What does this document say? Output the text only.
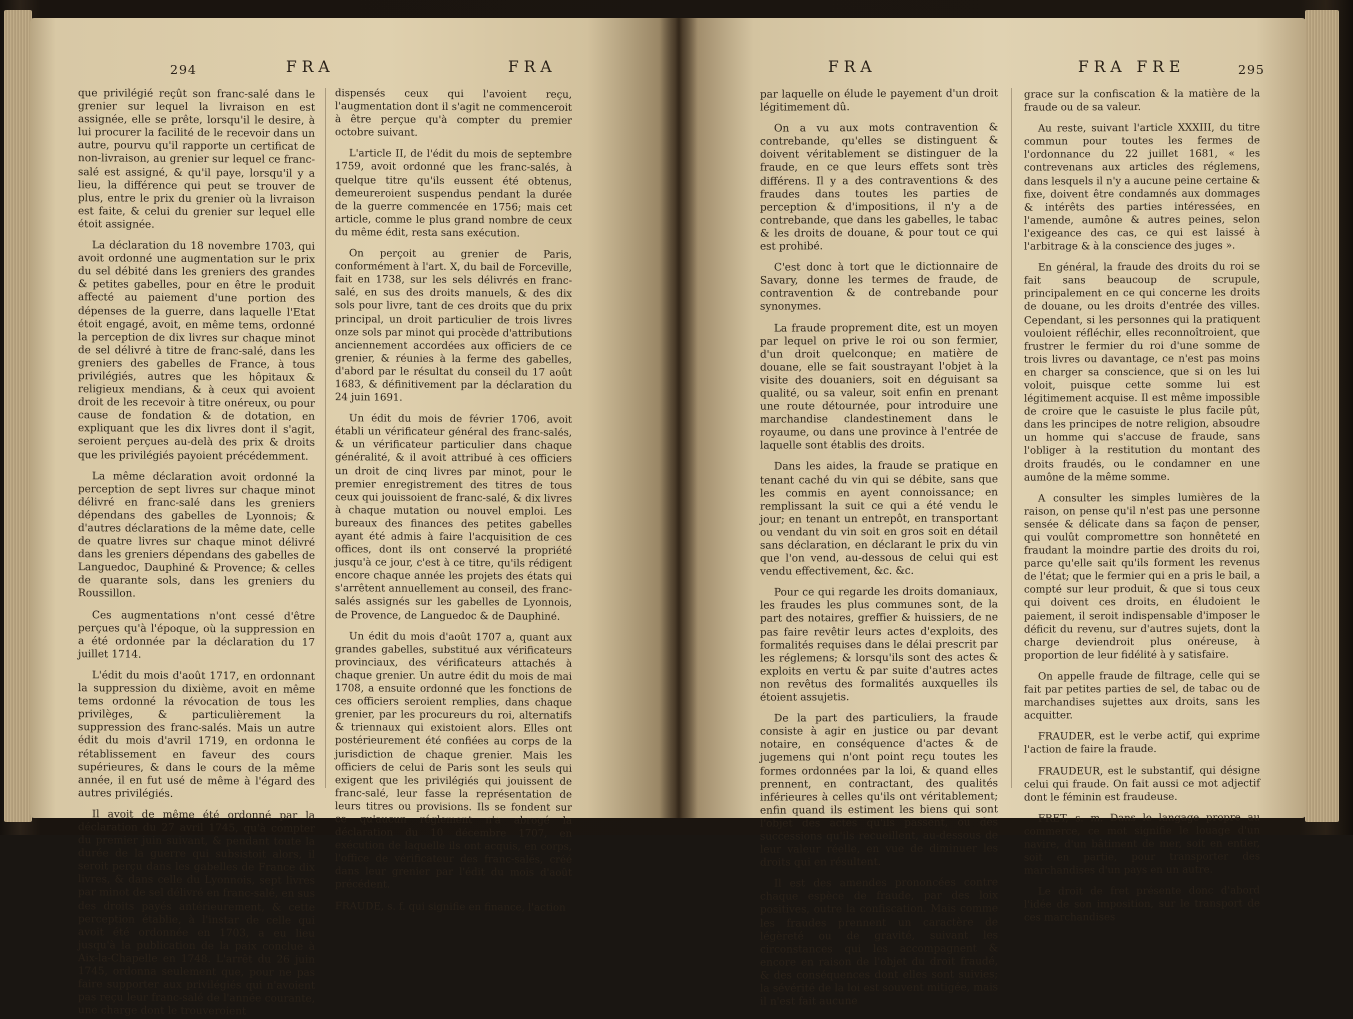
294	FRA	FRA

que privilégié reçût son franc-salé dans le grenier sur lequel la livraison en est assignée, elle se prête, lorsqu'il le desire, à lui procurer la facilité de le recevoir dans un autre, pourvu qu'il rapporte un certificat de non-livraison, au grenier sur lequel ce franc-salé est assigné, & qu'il paye, lorsqu'il y a lieu, la différence qui peut se trouver de plus, entre le prix du grenier où la livraison est faite, & celui du grenier sur lequel elle étoit assignée.

La déclaration du 18 novembre 1703, qui avoit ordonné une augmentation sur le prix du sel débité dans les greniers des grandes & petites gabelles, pour en être le produit affecté au paiement d'une portion des dépenses de la guerre, dans laquelle l'Etat étoit engagé, avoit, en même tems, ordonné la perception de dix livres sur chaque minot de sel délivré à titre de franc-salé, dans les greniers des gabelles de France, à tous privilégiés, autres que les hôpitaux & religieux mendians, & à ceux qui avoient droit de les recevoir à titre onéreux, ou pour cause de fondation & de dotation, en expliquant que les dix livres dont il s'agit, seroient perçues au-delà des prix & droits que les privilégiés payoient précédemment.

La même déclaration avoit ordonné la perception de sept livres sur chaque minot délivré en franc-salé dans les greniers dépendans des gabelles de Lyonnois; & d'autres déclarations de la même date, celle de quatre livres sur chaque minot délivré dans les greniers dépendans des gabelles de Languedoc, Dauphiné & Provence; & celles de quarante sols, dans les greniers du Roussillon.

Ces augmentations n'ont cessé d'être perçues qu'à l'époque, où la suppression en a été ordonnée par la déclaration du 17 juillet 1714.

L'édit du mois d'août 1717, en ordonnant la suppression du dixième, avoit en même tems ordonné la révocation de tous les privilèges, & particulièrement la suppression des franc-salés. Mais un autre édit du mois d'avril 1719, en ordonna le rétablissement en faveur des cours supérieures, & dans le cours de la même année, il en fut usé de même à l'égard des autres privilégiés.

Il avoit de même été ordonné par la déclaration du 27 avril 1745, qu'à compter du premier juin suivant, & pendant toute la durée de la guerre qui subsistoit alors, il seroit perçu dans les gabelles de France dix livres, & dans celle du Lyonnois, sept livres par minot de sel délivré en franc-salé, en sus des droits payés antérieurement, & cette perception établie, à l'instar de celle qui avoit été ordonnée en 1703, a eu lieu jusqu'à la publication de la paix conclue à Aix-la-Chapelle en 1748. L'arrêt du 26 juin 1745, ordonna seulement que, pour ne pas faire supporter aux privilégiés qui n'avoient pas reçu leur franc-salé de l'année courante, une charge dont le trouveroient

dispensés ceux qui l'avoient reçu, l'augmentation dont il s'agit ne commenceroit à être perçue qu'à compter du premier octobre suivant.

L'article II, de l'édit du mois de septembre 1759, avoit ordonné que les franc-salés, à quelque titre qu'ils eussent été obtenus, demeureroient suspendus pendant la durée de la guerre commencée en 1756; mais cet article, comme le plus grand nombre de ceux du même édit, resta sans exécution.

On perçoit au grenier de Paris, conformément à l'art. X, du bail de Forceville, fait en 1738, sur les sels délivrés en franc-salé, en sus des droits manuels, & des dix sols pour livre, tant de ces droits que du prix principal, un droit particulier de trois livres onze sols par minot qui procède d'attributions anciennement accordées aux officiers de ce grenier, & réunies à la ferme des gabelles, d'abord par le résultat du conseil du 17 août 1683, & définitivement par la déclaration du 24 juin 1691.

Un édit du mois de février 1706, avoit établi un vérificateur général des franc-salés, & un vérificateur particulier dans chaque généralité, & il avoit attribué à ces officiers un droit de cinq livres par minot, pour le premier enregistrement des titres de tous ceux qui jouissoient de franc-salé, & dix livres à chaque mutation ou nouvel emploi. Les bureaux des finances des petites gabelles ayant été admis à faire l'acquisition de ces offices, dont ils ont conservé la propriété jusqu'à ce jour, c'est à ce titre, qu'ils rédigent encore chaque année les projets des états qui s'arrêtent annuellement au conseil, des franc-salés assignés sur les gabelles de Lyonnois, de Provence, de Languedoc & de Dauphiné.

Un édit du mois d'août 1707 a, quant aux grandes gabelles, substitué aux vérificateurs provinciaux, des vérificateurs attachés à chaque grenier. Un autre édit du mois de mai 1708, a ensuite ordonné que les fonctions de ces officiers seroient remplies, dans chaque grenier, par les procureurs du roi, alternatifs & triennaux qui existoient alors. Elles ont postérieurement été confiées au corps de la jurisdiction de chaque grenier. Mais les officiers de celui de Paris sont les seuls qui exigent que les privilégiés qui jouissent de franc-salé, leur fasse la représentation de leurs titres ou provisions. Ils se fondent sur ce qu'aucun réglement n'a abrogé la déclaration du 10 décembre 1707, en exécution de laquelle ils ont acquis, en corps, l'office de vérificateur des franc-salés, créé dans leur grenier par l'édit du mois d'août précédent.

FRAUDE, s. f. qui signifie en finance, l'action

FRA	FRA FRE	295

par laquelle on élude le payement d'un droit légitimement dû.

On a vu aux mots contravention & contrebande, qu'elles se distinguent & doivent véritablement se distinguer de la fraude, en ce que leurs effets sont très différens. Il y a des contraventions & des fraudes dans toutes les parties de perception & d'impositions, il n'y a de contrebande, que dans les gabelles, le tabac & les droits de douane, & pour tout ce qui est prohibé.

C'est donc à tort que le dictionnaire de Savary, donne les termes de fraude, de contravention & de contrebande pour synonymes.

La fraude proprement dite, est un moyen par lequel on prive le roi ou son fermier, d'un droit quelconque; en matière de douane, elle se fait soustrayant l'objet à la visite des douaniers, soit en déguisant sa qualité, ou sa valeur, soit enfin en prenant une route détournée, pour introduire une marchandise clandestinement dans le royaume, ou dans une province à l'entrée de laquelle sont établis des droits.

Dans les aides, la fraude se pratique en tenant caché du vin qui se débite, sans que les commis en ayent connoissance; en remplissant la suit ce qui a été vendu le jour; en tenant un entrepôt, en transportant ou vendant du vin soit en gros soit en détail sans déclaration, en déclarant le prix du vin que l'on vend, au-dessous de celui qui est vendu effectivement, &c. &c.

Pour ce qui regarde les droits domaniaux, les fraudes les plus communes sont, de la part des notaires, greffier & huissiers, de ne pas faire revêtir leurs actes d'exploits, des formalités requises dans le délai prescrit par les réglemens; & lorsqu'ils sont des actes & exploits en vertu & par suite d'autres actes non revêtus des formalités auxquelles ils étoient assujetis.

De la part des particuliers, la fraude consiste à agir en justice ou par devant notaire, en conséquence d'actes & de jugemens qui n'ont point reçu toutes les formes ordonnées par la loi, & quand elles prennent, en contractant, des qualités inférieures à celles qu'ils ont véritablement; enfin quand ils estiment les biens qui sont l'objet des actes qu'ils passent, ou des successions qu'ils recueillent, au-dessous de leur valeur réelle, en vue de diminuer les droits qui en résultent.

Il est des amendes prononcées contre chaque espèce de fraude, par des loix positives, outre la confiscation. Mais comme les fraudes prennent un caractère de légèreté ou de gravité, suivant les circonstances qui les accompagnent & encore en raison de l'objet du droit fraudé, & des conséquences dont elles sont suivies; la sévérité de la loi est souvent mitigée, mais il n'est fait aucune

grace sur la confiscation & la matière de la fraude ou de sa valeur.

Au reste, suivant l'article XXXIII, du titre commun pour toutes les fermes de l'ordonnance du 22 juillet 1681, « les contrevenans aux articles des réglemens, dans lesquels il n'y a aucune peine certaine & fixe, doivent être condamnés aux dommages & intérêts des parties intéressées, en l'amende, aumône & autres peines, selon l'exigeance des cas, ce qui est laissé à l'arbitrage & à la conscience des juges ».

En général, la fraude des droits du roi se fait sans beaucoup de scrupule, principalement en ce qui concerne les droits de douane, ou les droits d'entrée des villes. Cependant, si les personnes qui la pratiquent vouloient réfléchir, elles reconnoîtroient, que frustrer le fermier du roi d'une somme de trois livres ou davantage, ce n'est pas moins en charger sa conscience, que si on les lui voloit, puisque cette somme lui est légitimement acquise. Il est même impossible de croire que le casuiste le plus facile pût, dans les principes de notre religion, absoudre un homme qui s'accuse de fraude, sans l'obliger à la restitution du montant des droits fraudés, ou le condamner en une aumône de la même somme.

A consulter les simples lumières de la raison, on pense qu'il n'est pas une personne sensée & délicate dans sa façon de penser, qui voulût compromettre son honnêteté en fraudant la moindre partie des droits du roi, parce qu'elle sait qu'ils forment les revenus de l'état; que le fermier qui en a pris le bail, a compté sur leur produit, & que si tous ceux qui doivent ces droits, en éludoient le paiement, il seroit indispensable d'imposer le déficit du revenu, sur d'autres sujets, dont la charge deviendroit plus onéreuse, à proportion de leur fidélité à y satisfaire.

On appelle fraude de filtrage, celle qui se fait par petites parties de sel, de tabac ou de marchandises sujettes aux droits, sans les acquitter.

FRAUDER, est le verbe actif, qui exprime l'action de faire la fraude.

FRAUDEUR, est le substantif, qui désigne celui qui fraude. On fait aussi ce mot adjectif dont le féminin est fraudeuse.

FRET, s. m. Dans le langage propre au commerce, ce mot signifie le louage d'un navire, d'un bâtiment de mer, soit en entier, soit en partie, pour transporter des marchandises d'un pays en un autre.

Le droit de fret présente donc d'abord l'idée de son imposition, sur le transport de ces marchandises
